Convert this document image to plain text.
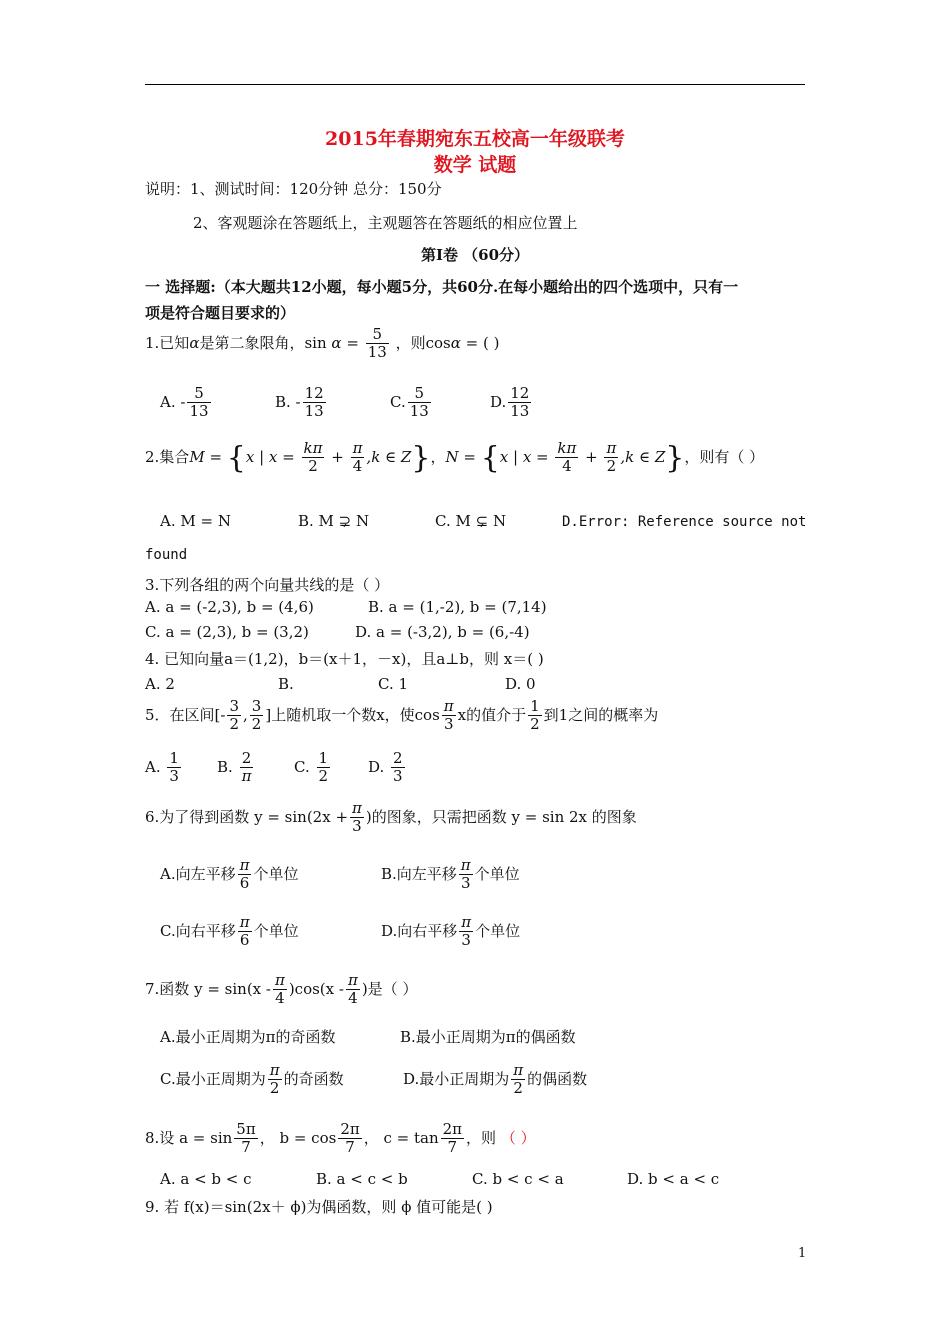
2015年春期宛东五校高一年级联考
数学 试题
说明：1、测试时间：120分钟 总分：150分
2、客观题涂在答题纸上，主观题答在答题纸的相应位置上
第Ⅰ卷 （60分）
一 选择题:（本大题共12小题，每小题5分，共60分.在每小题给出的四个选项中，只有一
项是符合题目要求的）
1.已知α是第二象限角，$\sin \alpha = \frac{5}{13}$ ，则cosα = ( )
A. - $\frac{5}{13}$	B. - $\frac{12}{13}$	C. $\frac{5}{13}$	D. $\frac{12}{13}$
2.集合M = {x | $x = \frac{k\pi}{2} + \frac{\pi}{4} ,k$ ∈ Z}，N = {x | $x = \frac{k\pi}{4} + \frac{\pi}{2} ,k$ ∈ Z}，则有（ ）
A. M = N	B. M ⊋ N	C. M ⊊ N	D.Error: Reference source not
found
3.下列各组的两个向量共线的是（ ）
A. a = (-2,3), b = (4,6)	B. a = (1,-2), b = (7,14)
C. a = (2,3), b = (3,2)	D. a = (-3,2), b = (6,-4)
4. 已知向量a＝(1,2)，b＝(x＋1，－x)，且a⊥b，则 x＝( )
A. 2	B.	C. 1	D. 0
5．在区间[- $\frac{3}{2}$ , $\frac{3}{2}$ ]上随机取一个数x，使$\cos \frac{\pi}{3}$ x的值介于 $\frac{1}{2}$ 到1之间的概率为
A. $\frac{1}{3} B$. $\frac{2}{\pi}$	C. $\frac{1}{2}$	D. $\frac{2}{3}$
6.为了得到函数 $y = \sin(2x + \frac{\pi}{3}$ )的图象，只需把函数 y = sin 2x 的图象
A.向左平移 $\frac{\pi}{6}$ 个单位	B.向左平移 $\frac{\pi}{3}$ 个单位
C.向右平移 $\frac{\pi}{6}$ 个单位	D.向右平移 $\frac{\pi}{3}$ 个单位
7.函数 $y = \sin(x - \frac{\pi}{4} )\cos(x - \frac{\pi}{4}$ )是（ ）
A.最小正周期为π的奇函数	B.最小正周期为π的偶函数
C.最小正周期为 $\frac{\pi}{2}$ 的奇函数	D.最小正周期为 $\frac{\pi}{2}$ 的偶函数
8.设 $a = \sin \frac{5\pi}{7}$ ， $b = \cos \frac{2\pi}{7}$ ， $c = \tan \frac{2\pi}{7}$ ，则 （ ）
A. a < b < c	B. a < c < b	C. b < c < a	D. b < a < c
9. 若 f(x)＝sin(2x＋ ϕ)为偶函数，则 ϕ 值可能是( )
1
